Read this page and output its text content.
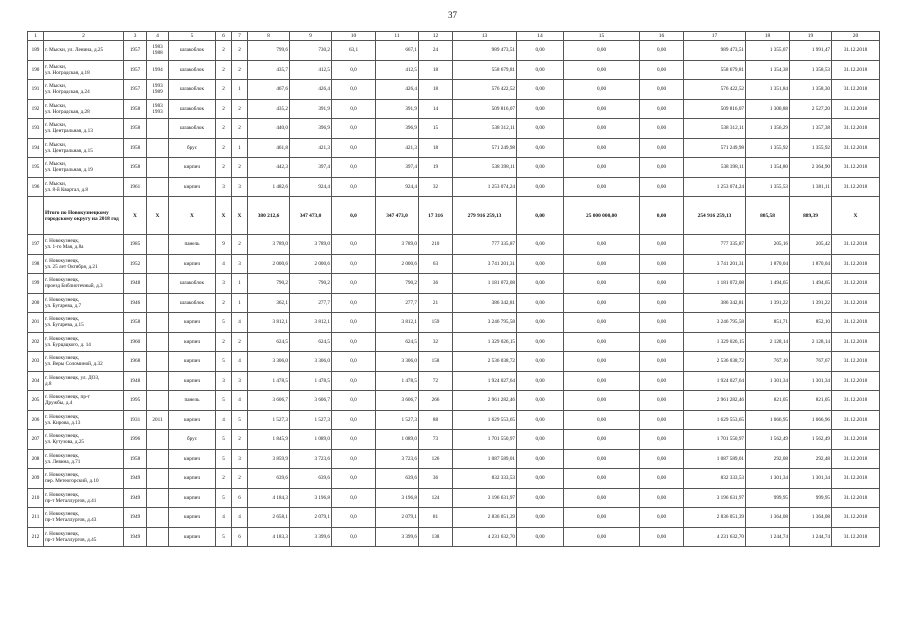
37
1	2	3	4	5	6	7	8	9	10	11	12	13	14	15	16	17	18	19	20
189	г. Мыски, ул. Ленина, д.25	1957	1983
1988	шлакоблок	2	2	799,6	730,2	63,1	667,1	24	989 473,51	0,00	0,00	0,00	989 473,51	1 355,07	1 991,47	31.12.2018
190	г. Мыски,
ул. Ноградская, д.18	1957	1994	шлакоблок	2	2	435,7	412,5	0,0	412,5	18	558 679,81	0,00	0,00	0,00	558 679,81	1 354,38	1 358,53	31.12.2018
191	г. Мыски,
ул. Ноградская, д.24	1957	1993
1989	шлакоблок	2	1	467,6	426,4	0,0	426,4	18	576 422,52	0,00	0,00	0,00	576 422,52	1 351,84	1 358,30	31.12.2018
192	г. Мыски,
ул. Ноградская, д.28	1958	1983
1993	шлакоблок	2	2	435,2	391,9	0,0	391,9	14	509 816,07	0,00	0,00	0,00	509 816,07	1 300,88	2 527,20	31.12.2018
193	г. Мыски,
ул. Центральная, д.13	1958		шлакоблок	2	2	440,0	396,9	0,0	396,9	15	538 312,11	0,00	0,00	0,00	538 312,11	1 356,29	1 357,38	31.12.2018
194	г. Мыски,
ул. Центральная, д.15	1958		брус	2	1	461,8	421,3	0,0	421,3	18	571 249,98	0,00	0,00	0,00	571 249,98	1 355,92	1 355,92	31.12.2018
195	г. Мыски,
ул. Центральная, д.19	1958		кирпич	2	2	442,3	397,4	0,0	397,4	19	538 398,11	0,00	0,00	0,00	538 398,11	1 354,80	2 364,90	31.12.2018
196	г. Мыски,
ул. 8-й Квартал, д.8	1961		кирпич	3	3	1 482,6	924,4	0,0	924,4	32	1 253 074,24	0,00	0,00	0,00	1 253 074,24	1 355,53	1 381,11	31.12.2018
	Итого по Новокузнецкому городскому округу на 2018 год	X	X	X	X	X	380 212,6	347 473,0	0,0	347 473,0	17 316	279 916 259,13	0,00	25 000 000,00	0,00	254 916 259,13	805,58	889,39	X
197	г. Новокузнецк,
ул. 1-го Мая, д.8а	1985		панель	9	2	3 789,0	3 789,0	0,0	3 789,0	210	777 335,87	0,00	0,00	0,00	777 335,87	205,16	205,42	31.12.2018
198	г. Новокузнецк,
ул. 25 лет Октября, д.21	1952		кирпич	4	3	2 000,6	2 000,6	0,0	2 000,6	63	3 741 201,31	0,00	0,00	0,00	3 741 201,31	1 870,04	1 870,04	31.12.2018
199	г. Новокузнецк,
проезд Библиотечный, д.3	1948		шлакоблок	3	1	790,2	790,2	0,0	790,2	36	1 181 072,08	0,00	0,00	0,00	1 181 072,08	1 494,65	1 494,65	31.12.2018
200	г. Новокузнецк,
ул. Бугарева, д.7	1946		шлакоблок	2	1	362,1	277,7	0,0	277,7	21	386 342,81	0,00	0,00	0,00	386 342,81	1 391,22	1 391,22	31.12.2018
201	г. Новокузнецк,
ул. Бугарева, д.15	1958		кирпич	5	4	3 812,1	3 812,1	0,0	3 812,1	159	3 246 795,58	0,00	0,00	0,00	3 246 795,58	851,71	852,10	31.12.2018
202	г. Новокузнецк,
ул. Бурцацкого, д. 14	1960		кирпич	2	2	624,5	624,5	0,0	624,5	32	1 329 026,15	0,00	0,00	0,00	1 329 026,15	2 128,14	2 128,14	31.12.2018
203	г. Новокузнецк,
ул. Веры Соломиной, д.32	1968		кирпич	5	4	3 306,0	3 306,0	0,0	3 306,0	158	2 536 038,72	0,00	0,00	0,00	2 536 038,72	767,10	767,67	31.12.2018
204	г. Новокузнецк, ул. ДОЗ,
д.8	1948		кирпич	3	3	1 478,5	1 478,5	0,0	1 478,5	72	1 924 027,64	0,00	0,00	0,00	1 924 027,64	1 301,34	1 301,34	31.12.2018
205	г. Новокузнецк, пр-т
Дружбы, д.4	1995		панель	5	4	3 606,7	3 606,7	0,0	3 606,7	266	2 961 282,46	0,00	0,00	0,00	2 961 282,46	821,05	821,05	31.12.2018
206	г. Новокузнецк,
ул. Кирова, д.13	1931	2011	кирпич	4	5	1 527,3	1 527,3	0,0	1 527,3	88	1 629 553,65	0,00	0,00	0,00	1 629 553,65	1 066,95	1 066,96	31.12.2018
207	г. Новокузнецк,
ул. Кутузова, д.25	1996		брус	5	2	1 845,9	1 089,0	0,0	1 089,0	73	1 701 550,97	0,00	0,00	0,00	1 701 550,97	1 562,49	1 562,49	31.12.2018
208	г. Новокузнецк,
ул. Левина, д.71	1958		кирпич	5	3	3 859,9	3 723,6	0,0	3 723,6	126	1 087 589,01	0,00	0,00	0,00	1 087 589,01	292,08	292,48	31.12.2018
209	г. Новокузнецк,
пер. Метеогорский, д.10	1949		кирпич	2	2	639,6	639,6	0,0	639,6	36	832 333,53	0,00	0,00	0,00	832 333,53	1 301,34	1 301,34	31.12.2018
210	г. Новокузнецк,
пр-т Металлургов, д.41	1949		кирпич	5	6	4 184,3	3 196,8	0,0	3 196,8	124	3 196 631,97	0,00	0,00	0,00	3 196 631,97	999,95	999,95	31.12.2018
211	г. Новокузнецк,
пр-т Металлургов, д.43	1949		кирпич	4	4	2 658,1	2 079,1	0,0	2 079,1	81	2 836 051,39	0,00	0,00	0,00	2 836 051,39	1 364,08	1 364,08	31.12.2018
212	г. Новокузнецк,
пр-т Металлургов, д.45	1949		кирпич	5	6	4 183,3	3 399,6	0,0	3 399,6	138	4 231 632,70	0,00	0,00	0,00	4 231 632,70	1 244,74	1 244,74	31.12.2018
